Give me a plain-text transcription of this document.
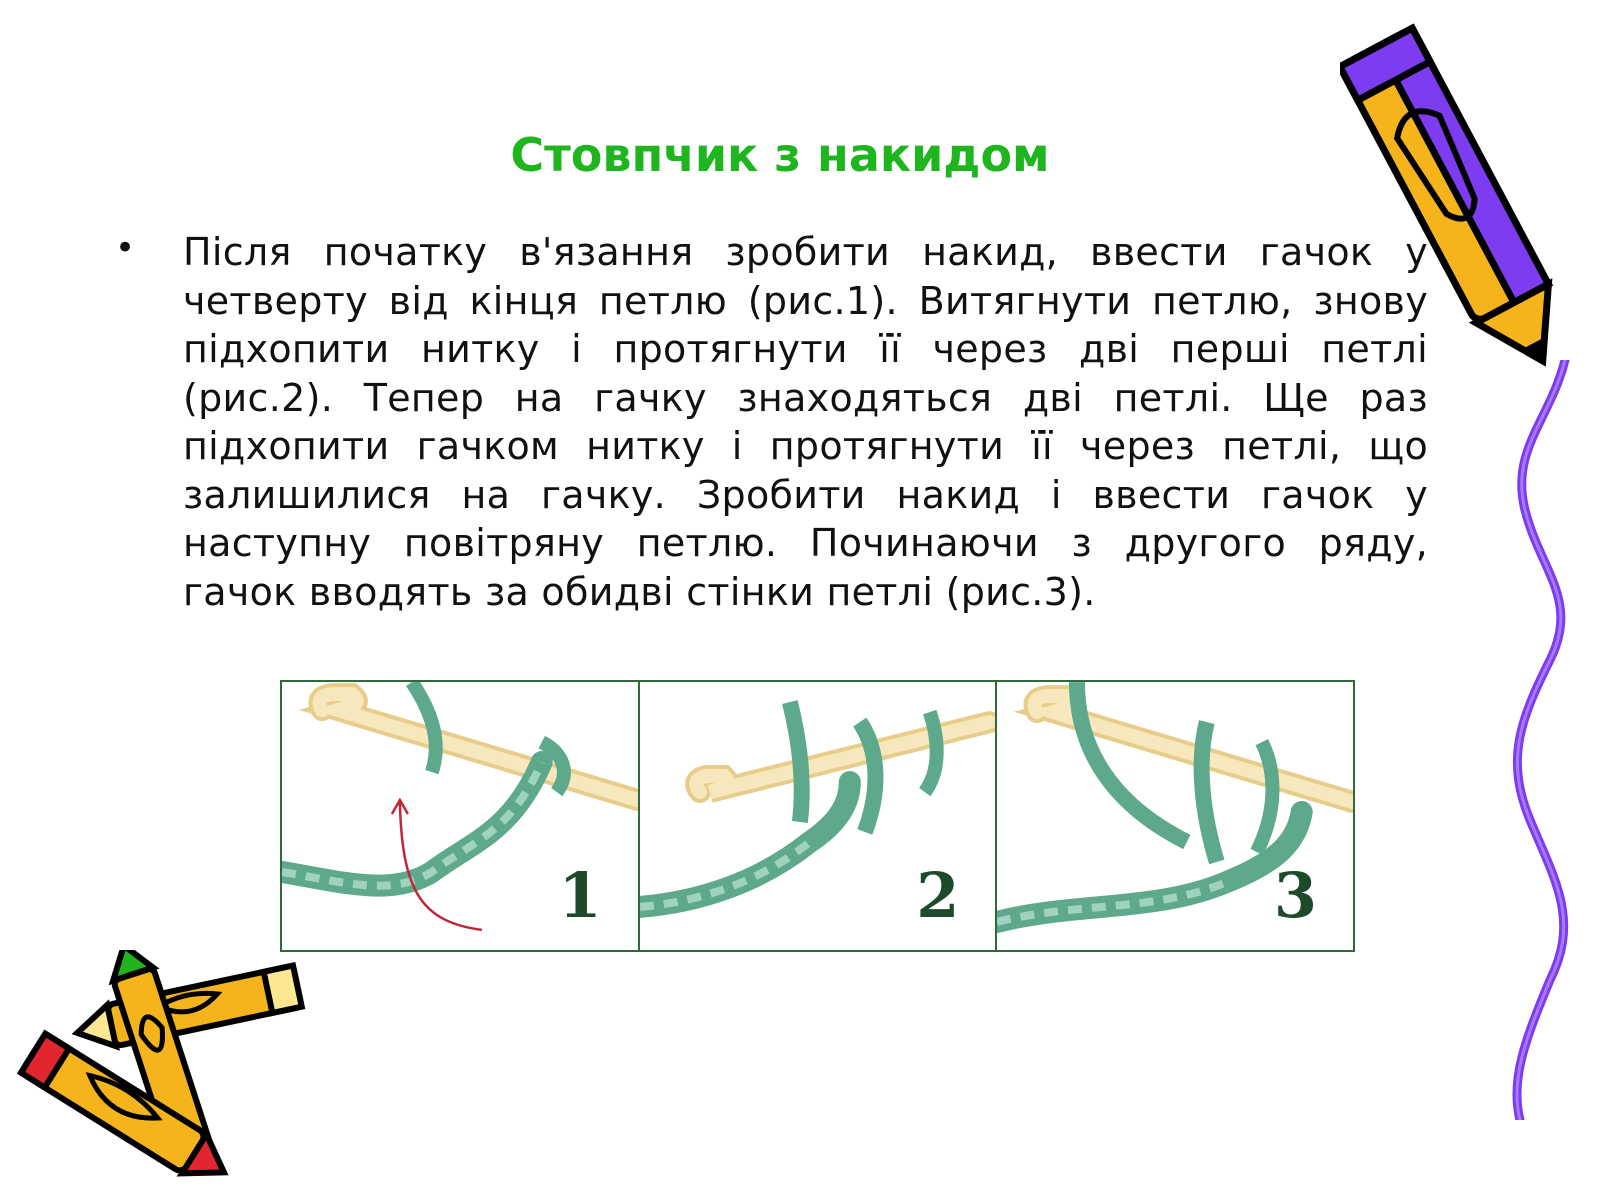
Стовпчик з накидом
• Після початку в'язання зробити накид, ввести гачок у четверту від кінця петлю (рис.1). Витягнути петлю, знову підхопити нитку і протягнути її через дві перші петлі (рис.2). Тепер на гачку знаходяться дві петлі. Ще раз підхопити гачком нитку і протягнути її через петлі, що залишилися на гачку. Зробити накид і ввести гачок у наступну повітряну петлю. Починаючи з другого ряду, гачок вводять за обидві стінки петлі (рис.3).

1	2	3
